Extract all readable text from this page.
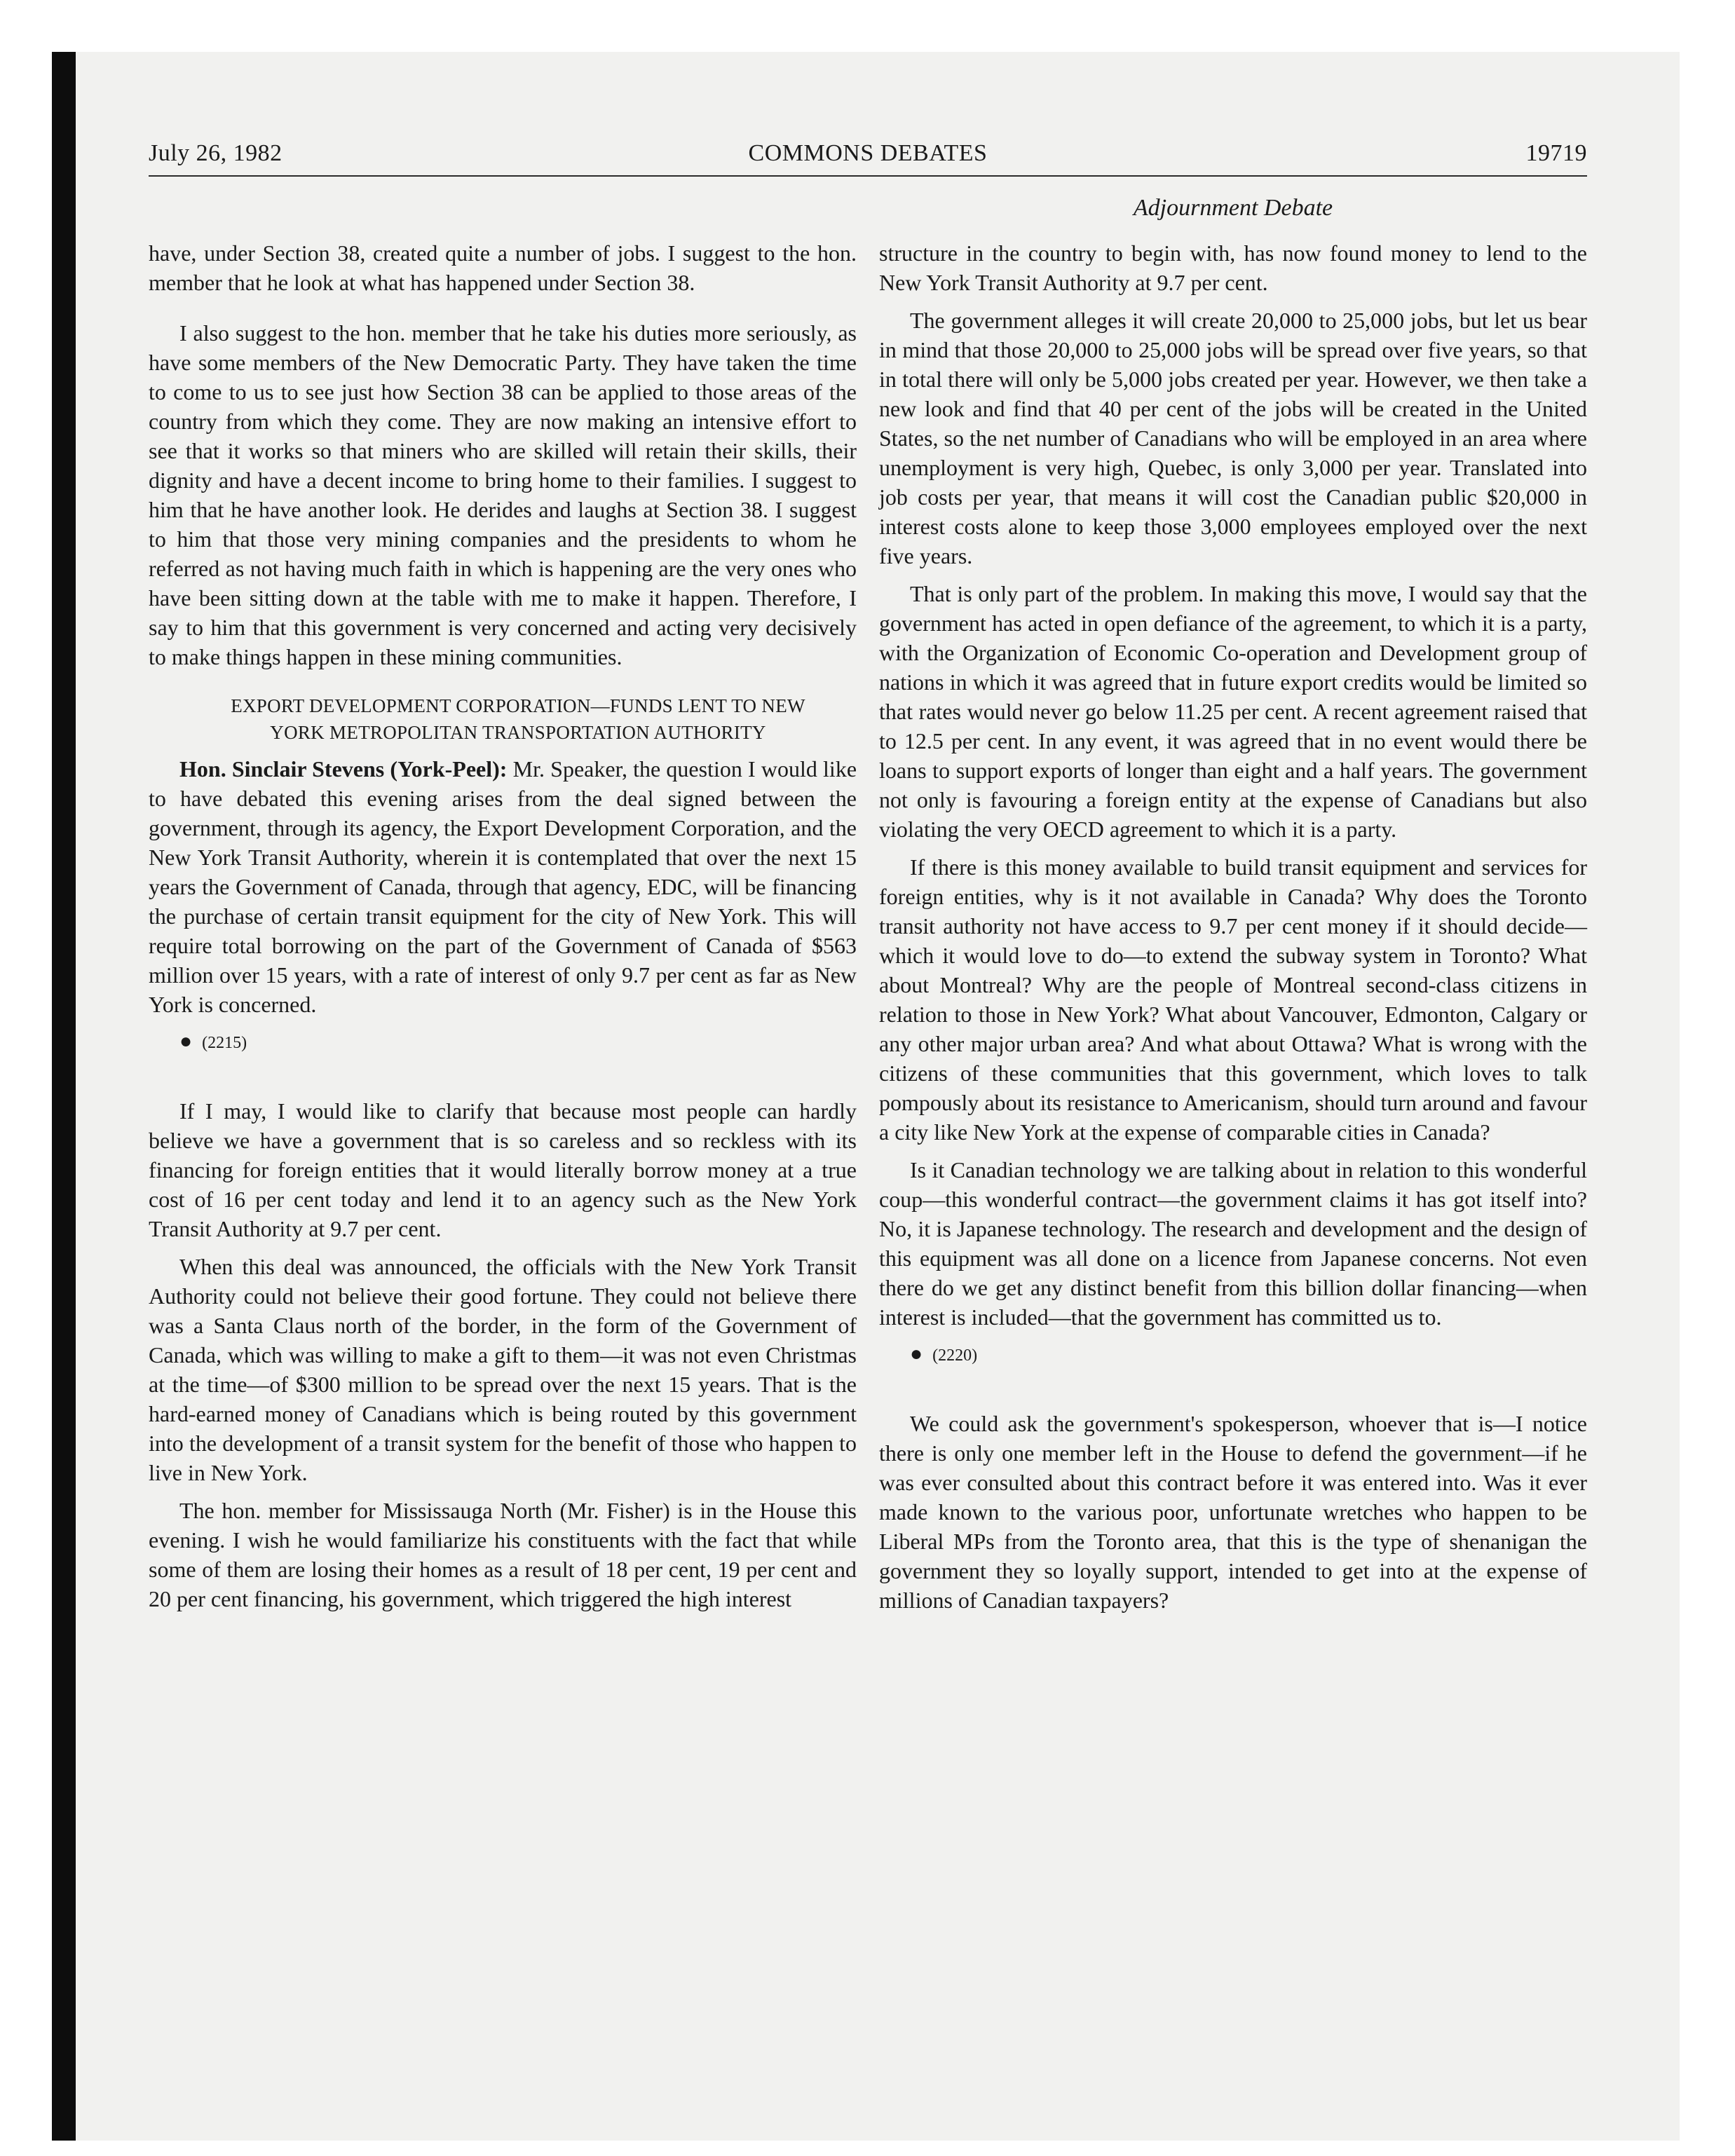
July 26, 1982	COMMONS DEBATES	19719
Adjournment Debate

have, under Section 38, created quite a number of jobs. I suggest to the hon. member that he look at what has happened under Section 38.

I also suggest to the hon. member that he take his duties more seriously, as have some members of the New Democratic Party. They have taken the time to come to us to see just how Section 38 can be applied to those areas of the country from which they come. They are now making an intensive effort to see that it works so that miners who are skilled will retain their skills, their dignity and have a decent income to bring home to their families. I suggest to him that he have another look. He derides and laughs at Section 38. I suggest to him that those very mining companies and the presidents to whom he referred as not having much faith in which is happening are the very ones who have been sitting down at the table with me to make it happen. Therefore, I say to him that this government is very concerned and acting very decisively to make things happen in these mining communities.

EXPORT DEVELOPMENT CORPORATION—FUNDS LENT TO NEW

YORK METROPOLITAN TRANSPORTATION AUTHORITY

Hon. Sinclair Stevens (York-Peel): Mr. Speaker, the question I would like to have debated this evening arises from the deal signed between the government, through its agency, the Export Development Corporation, and the New York Transit Authority, wherein it is contemplated that over the next 15 years the Government of Canada, through that agency, EDC, will be financing the purchase of certain transit equipment for the city of New York. This will require total borrowing on the part of the Government of Canada of $563 million over 15 years, with a rate of interest of only 9.7 per cent as far as New York is concerned.

● (2215)

If I may, I would like to clarify that because most people can hardly believe we have a government that is so careless and so reckless with its financing for foreign entities that it would literally borrow money at a true cost of 16 per cent today and lend it to an agency such as the New York Transit Authority at 9.7 per cent.

When this deal was announced, the officials with the New York Transit Authority could not believe their good fortune. They could not believe there was a Santa Claus north of the border, in the form of the Government of Canada, which was willing to make a gift to them—it was not even Christmas at the time—of $300 million to be spread over the next 15 years. That is the hard-earned money of Canadians which is being routed by this government into the development of a transit system for the benefit of those who happen to live in New York.

The hon. member for Mississauga North (Mr. Fisher) is in the House this evening. I wish he would familiarize his constituents with the fact that while some of them are losing their homes as a result of 18 per cent, 19 per cent and 20 per cent financing, his government, which triggered the high interest

structure in the country to begin with, has now found money to lend to the New York Transit Authority at 9.7 per cent.

The government alleges it will create 20,000 to 25,000 jobs, but let us bear in mind that those 20,000 to 25,000 jobs will be spread over five years, so that in total there will only be 5,000 jobs created per year. However, we then take a new look and find that 40 per cent of the jobs will be created in the United States, so the net number of Canadians who will be employed in an area where unemployment is very high, Quebec, is only 3,000 per year. Translated into job costs per year, that means it will cost the Canadian public $20,000 in interest costs alone to keep those 3,000 employees employed over the next five years.

That is only part of the problem. In making this move, I would say that the government has acted in open defiance of the agreement, to which it is a party, with the Organization of Economic Co-operation and Development group of nations in which it was agreed that in future export credits would be limited so that rates would never go below 11.25 per cent. A recent agreement raised that to 12.5 per cent. In any event, it was agreed that in no event would there be loans to support exports of longer than eight and a half years. The government not only is favouring a foreign entity at the expense of Canadians but also violating the very OECD agreement to which it is a party.

If there is this money available to build transit equipment and services for foreign entities, why is it not available in Canada? Why does the Toronto transit authority not have access to 9.7 per cent money if it should decide—which it would love to do—to extend the subway system in Toronto? What about Montreal? Why are the people of Montreal second-class citizens in relation to those in New York? What about Vancouver, Edmonton, Calgary or any other major urban area? And what about Ottawa? What is wrong with the citizens of these communities that this government, which loves to talk pompously about its resistance to Americanism, should turn around and favour a city like New York at the expense of comparable cities in Canada?

Is it Canadian technology we are talking about in relation to this wonderful coup—this wonderful contract—the government claims it has got itself into? No, it is Japanese technology. The research and development and the design of this equipment was all done on a licence from Japanese concerns. Not even there do we get any distinct benefit from this billion dollar financing—when interest is included—that the government has committed us to.

● (2220)

We could ask the government's spokesperson, whoever that is—I notice there is only one member left in the House to defend the government—if he was ever consulted about this contract before it was entered into. Was it ever made known to the various poor, unfortunate wretches who happen to be Liberal MPs from the Toronto area, that this is the type of shenanigan the government they so loyally support, intended to get into at the expense of millions of Canadian taxpayers?
